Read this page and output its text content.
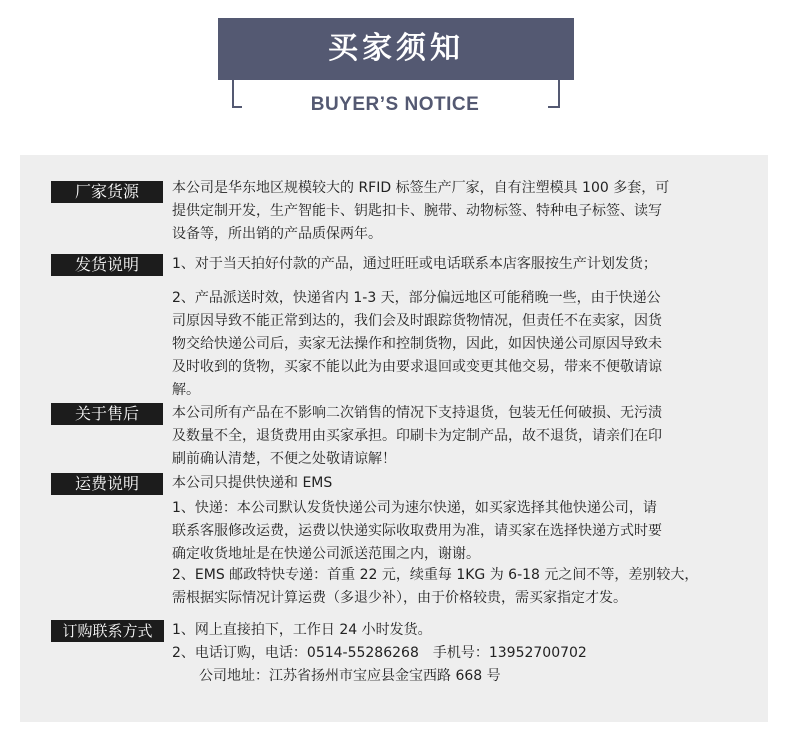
买家须知
BUYER’S NOTICE
厂家货源	本公司是华东地区规模较大的 RFID 标签生产厂家，自有注塑模具 100 多套，可

提供定制开发，生产智能卡、钥匙扣卡、腕带、动物标签、特种电子标签、读写

设备等，所出销的产品质保两年。

发货说明	1、对于当天拍好付款的产品，通过旺旺或电话联系本店客服按生产计划发货；

2、产品派送时效，快递省内 1-3 天，部分偏远地区可能稍晚一些，由于快递公

司原因导致不能正常到达的，我们会及时跟踪货物情况，但责任不在卖家，因货

物交给快递公司后，卖家无法操作和控制货物，因此，如因快递公司原因导致未

及时收到的货物，买家不能以此为由要求退回或变更其他交易，带来不便敬请谅

解。

关于售后	本公司所有产品在不影响二次销售的情况下支持退货，包装无任何破损、无污渍

及数量不全，退货费用由买家承担。印刷卡为定制产品，故不退货，请亲们在印

刷前确认清楚，不便之处敬请谅解！

运费说明	本公司只提供快递和 EMS

1、快递：本公司默认发货快递公司为速尔快递，如买家选择其他快递公司，请

联系客服修改运费，运费以快递实际收取费用为准，请买家在选择快递方式时要

确定收货地址是在快递公司派送范围之内，谢谢。

2、EMS 邮政特快专递：首重 22 元，续重每 1KG 为 6-18 元之间不等，差别较大，

需根据实际情况计算运费（多退少补），由于价格较贵，需买家指定才发。

订购联系方式	1、网上直接拍下，工作日 24 小时发货。

2、电话订购，电话：0514-55286268　手机号：13952700702

公司地址：江苏省扬州市宝应县金宝西路 668 号
